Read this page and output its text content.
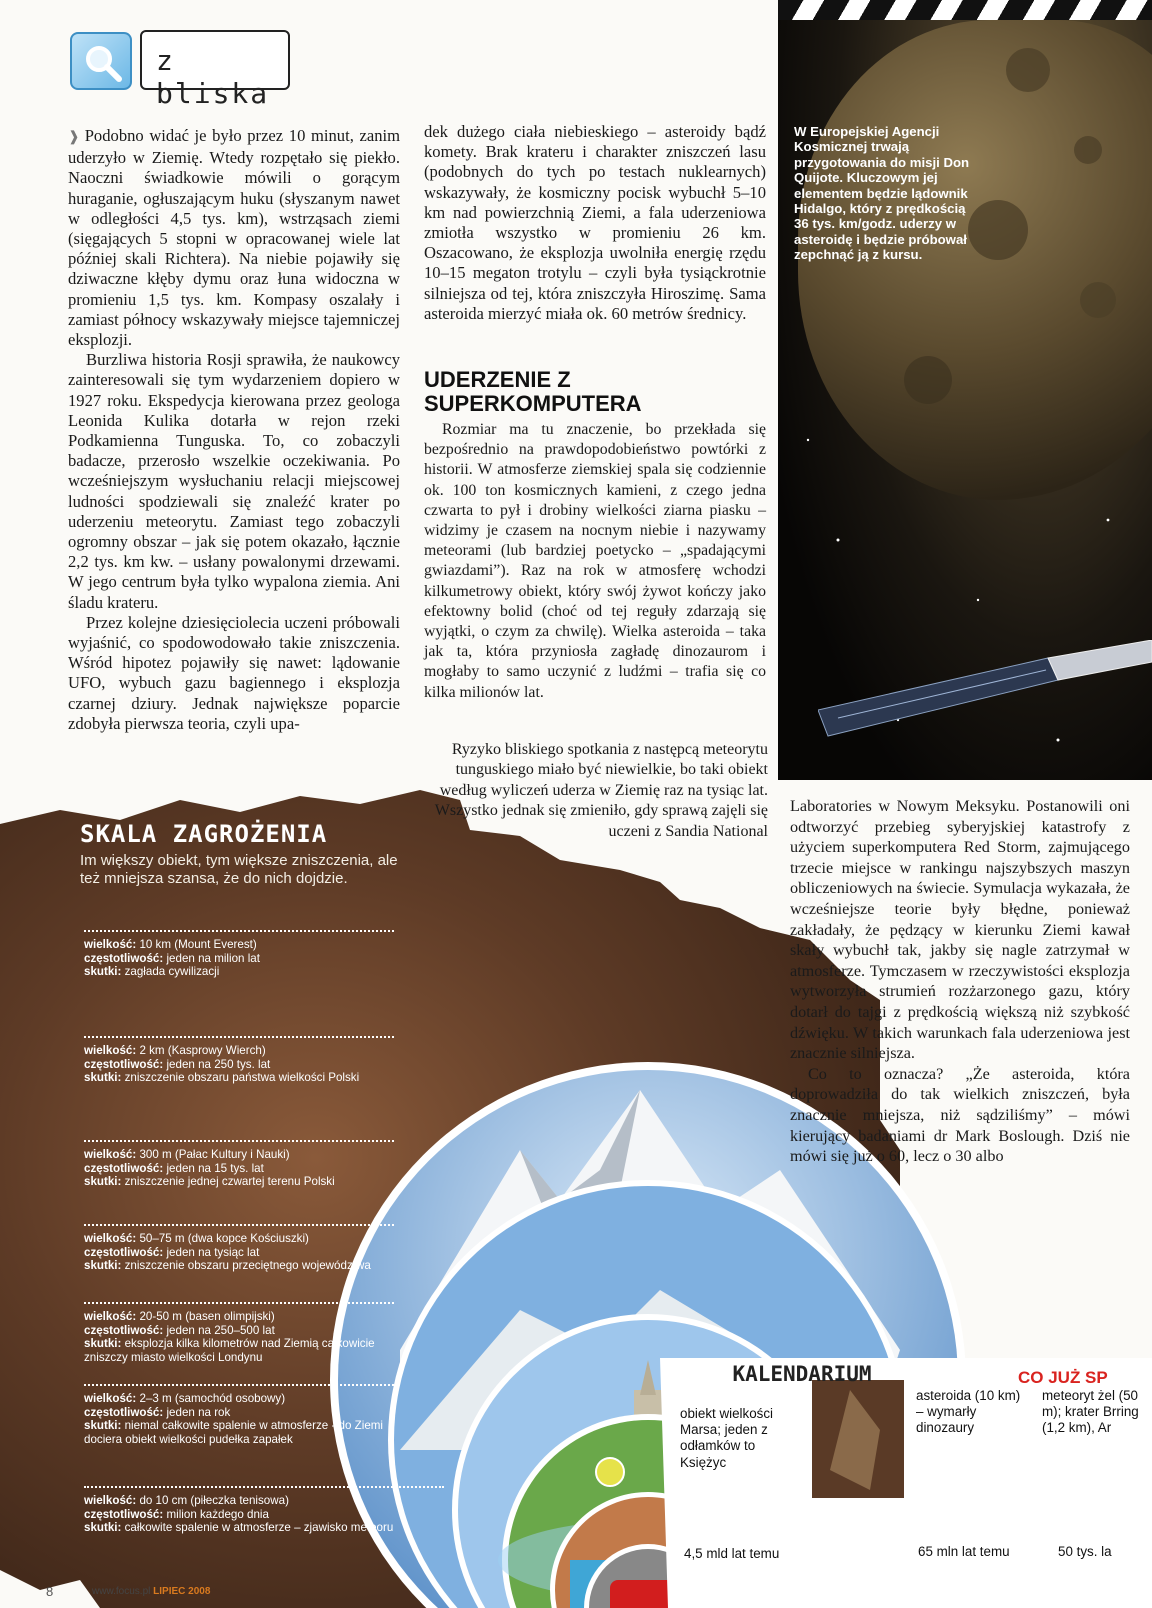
z bliska

❱ Podobno widać je było przez 10 minut, zanim uderzyło w Ziemię. Wtedy rozpętało się piekło. Naoczni świadkowie mówili o gorącym huraganie, ogłuszającym huku (słyszanym nawet w odległości 4,5 tys. km), wstrząsach ziemi (sięgających 5 stopni w opracowanej wiele lat później skali Richtera). Na niebie pojawiły się dziwaczne kłęby dymu oraz łuna widoczna w promieniu 1,5 tys. km. Kompasy oszalały i zamiast północy wskazywały miejsce tajemniczej eksplozji.

Burzliwa historia Rosji sprawiła, że naukowcy zainteresowali się tym wydarzeniem dopiero w 1927 roku. Ekspedycja kierowana przez geologa Leonida Kulika dotarła w rejon rzeki Podkamienna Tunguska. To, co zobaczyli badacze, przerosło wszelkie oczekiwania. Po wcześniejszym wysłuchaniu relacji miejscowej ludności spodziewali się znaleźć krater po uderzeniu meteorytu. Zamiast tego zobaczyli ogromny obszar – jak się potem okazało, łącznie 2,2 tys. km kw. – usłany powalonymi drzewami. W jego centrum była tylko wypalona ziemia. Ani śladu krateru.

Przez kolejne dziesięciolecia uczeni próbowali wyjaśnić, co spodowodowało takie zniszczenia. Wśród hipotez pojawiły się nawet: lądowanie UFO, wybuch gazu bagiennego i eksplozja czarnej dziury. Jednak największe poparcie zdobyła pierwsza teoria, czyli upa-

dek dużego ciała niebieskiego – asteroidy bądź komety. Brak krateru i charakter zniszczeń lasu (podobnych do tych po testach nuklearnych) wskazywały, że kosmiczny pocisk wybuchł 5–10 km nad powierzchnią Ziemi, a fala uderzeniowa zmiotła wszystko w promieniu 26 km. Oszacowano, że eksplozja uwolniła energię rzędu 10–15 megaton trotylu – czyli była tysiąckrotnie silniejsza od tej, która zniszczyła Hiroszimę. Sama asteroida mierzyć miała ok. 60 metrów średnicy.

UDERZENIE Z SUPERKOMPUTERA

Rozmiar ma tu znaczenie, bo przekłada się bezpośrednio na prawdopodobieństwo powtórki z historii. W atmosferze ziemskiej spala się codziennie ok. 100 ton kosmicznych kamieni, z czego jedna czwarta to pył i drobiny wielkości ziarna piasku – widzimy je czasem na nocnym niebie i nazywamy meteorami (lub bardziej poetycko – „spadającymi gwiazdami”). Raz na rok w atmosferę wchodzi kilkumetrowy obiekt, który swój żywot kończy jako efektowny bolid (choć od tej reguły zdarzają się wyjątki, o czym za chwilę). Wielka asteroida – taka jak ta, która przyniosła zagładę dinozaurom i mogłaby to samo uczynić z ludźmi – trafia się co kilka milionów lat.

W Europejskiej Agencji Kosmicznej trwają przygotowania do misji Don Quijote. Kluczowym jej elementem będzie lądownik Hidalgo, który z prędkością 36 tys. km/godz. uderzy w asteroidę i będzie próbował zepchnąć ją z kursu.

Ryzyko bliskiego spotkania z następcą meteorytu tunguskiego miało być niewielkie, bo taki obiekt według wyliczeń uderza w Ziemię raz na tysiąc lat. Wszystko jednak się zmieniło, gdy sprawą zajęli się uczeni z Sandia National

Laboratories w Nowym Meksyku. Postanowili oni odtworzyć przebieg syberyjskiej katastrofy z użyciem superkomputera Red Storm, zajmującego trzecie miejsce w rankingu najszybszych maszyn obliczeniowych na świecie. Symulacja wykazała, że wcześniejsze teorie były błędne, ponieważ zakładały, że pędzący w kierunku Ziemi kawał skały wybuchł tak, jakby się nagle zatrzymał w atmosferze. Tymczasem w rzeczywistości eksplozja wytworzyła strumień rozżarzonego gazu, który dotarł do tajgi z prędkością większą niż szybkość dźwięku. W takich warunkach fala uderzeniowa jest znacznie silniejsza.

Co to oznacza? „Że asteroida, która doprowadziła do tak wielkich zniszczeń, była znacznie mniejsza, niż sądziliśmy” – mówi kierujący badaniami dr Mark Boslough. Dziś nie mówi się już o 60, lecz o 30 albo

SKALA ZAGROŻENIA
Im większy obiekt, tym większe zniszczenia, ale też mniejsza szansa, że do nich dojdzie.
wielkość: 10 km (Mount Everest)
częstotliwość: jeden na milion lat
skutki: zagłada cywilizacji
wielkość: 2 km (Kasprowy Wierch)
częstotliwość: jeden na 250 tys. lat
skutki: zniszczenie obszaru państwa wielkości Polski
wielkość: 300 m (Pałac Kultury i Nauki)
częstotliwość: jeden na 15 tys. lat
skutki: zniszczenie jednej czwartej terenu Polski
wielkość: 50–75 m (dwa kopce Kościuszki)
częstotliwość: jeden na tysiąc lat
skutki: zniszczenie obszaru przeciętnego województwa
wielkość: 20-50 m (basen olimpijski)
częstotliwość: jeden na 250–500 lat
skutki: eksplozja kilka kilometrów nad Ziemią całkowicie zniszczy miasto wielkości Londynu
wielkość: 2–3 m (samochód osobowy)
częstotliwość: jeden na rok
skutki: niemal całkowite spalenie w atmosferze - do Ziemi dociera obiekt wielkości pudełka zapałek
wielkość: do 10 cm (piłeczka tenisowa)
częstotliwość: milion każdego dnia
skutki: całkowite spalenie w atmosferze – zjawisko meteoru
KALENDARIUM
obiekt wielkości Marsa; jeden z odłamków to Księżyc
4,5 mld lat temu
asteroida (10 km) – wymarły dinozaury
65 mln lat temu
meteoryt żel (50 m); krater Brring (1,2 km), Ar
50 tys. la
CO JUŻ SP
8	www.focus.pl LIPIEC 2008
